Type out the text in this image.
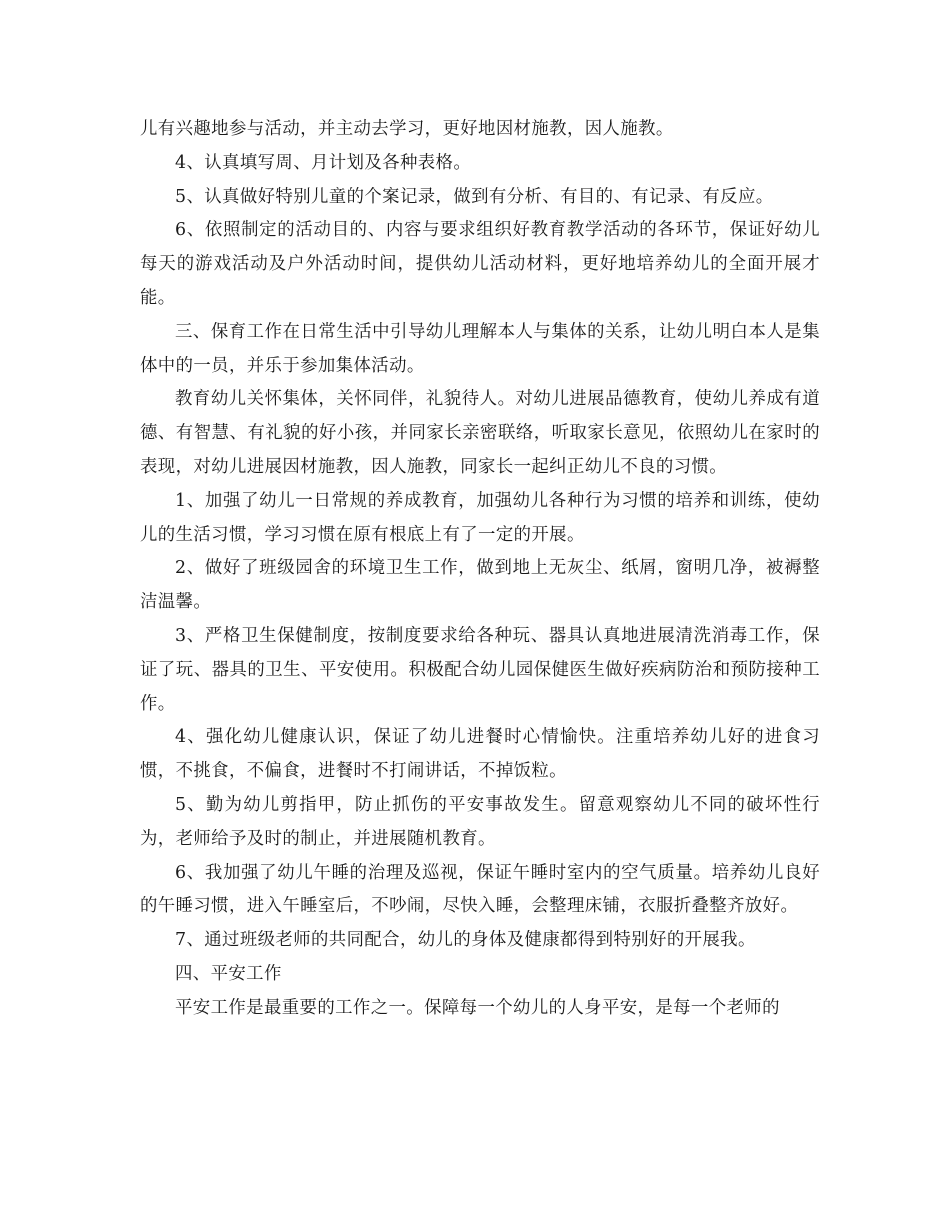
儿有兴趣地参与活动，并主动去学习，更好地因材施教，因人施教。

4、认真填写周、月计划及各种表格。

5、认真做好特别儿童的个案记录，做到有分析、有目的、有记录、有反应。

6、依照制定的活动目的、内容与要求组织好教育教学活动的各环节，保证好幼儿每天的游戏活动及户外活动时间，提供幼儿活动材料，更好地培养幼儿的全面开展才能。

三、保育工作在日常生活中引导幼儿理解本人与集体的关系，让幼儿明白本人是集体中的一员，并乐于参加集体活动。

教育幼儿关怀集体，关怀同伴，礼貌待人。对幼儿进展品德教育，使幼儿养成有道德、有智慧、有礼貌的好小孩，并同家长亲密联络，听取家长意见，依照幼儿在家时的表现，对幼儿进展因材施教，因人施教，同家长一起纠正幼儿不良的习惯。

1、加强了幼儿一日常规的养成教育，加强幼儿各种行为习惯的培养和训练，使幼儿的生活习惯，学习习惯在原有根底上有了一定的开展。

2、做好了班级园舍的环境卫生工作，做到地上无灰尘、纸屑，窗明几净，被褥整洁温馨。

3、严格卫生保健制度，按制度要求给各种玩、器具认真地进展清洗消毒工作，保证了玩、器具的卫生、平安使用。积极配合幼儿园保健医生做好疾病防治和预防接种工作。

4、强化幼儿健康认识，保证了幼儿进餐时心情愉快。注重培养幼儿好的进食习惯，不挑食，不偏食，进餐时不打闹讲话，不掉饭粒。

5、勤为幼儿剪指甲，防止抓伤的平安事故发生。留意观察幼儿不同的破坏性行为，老师给予及时的制止，并进展随机教育。

6、我加强了幼儿午睡的治理及巡视，保证午睡时室内的空气质量。培养幼儿良好的午睡习惯，进入午睡室后，不吵闹，尽快入睡，会整理床铺，衣服折叠整齐放好。

7、通过班级老师的共同配合，幼儿的身体及健康都得到特别好的开展我。

四、平安工作

平安工作是最重要的工作之一。保障每一个幼儿的人身平安，是每一个老师的
